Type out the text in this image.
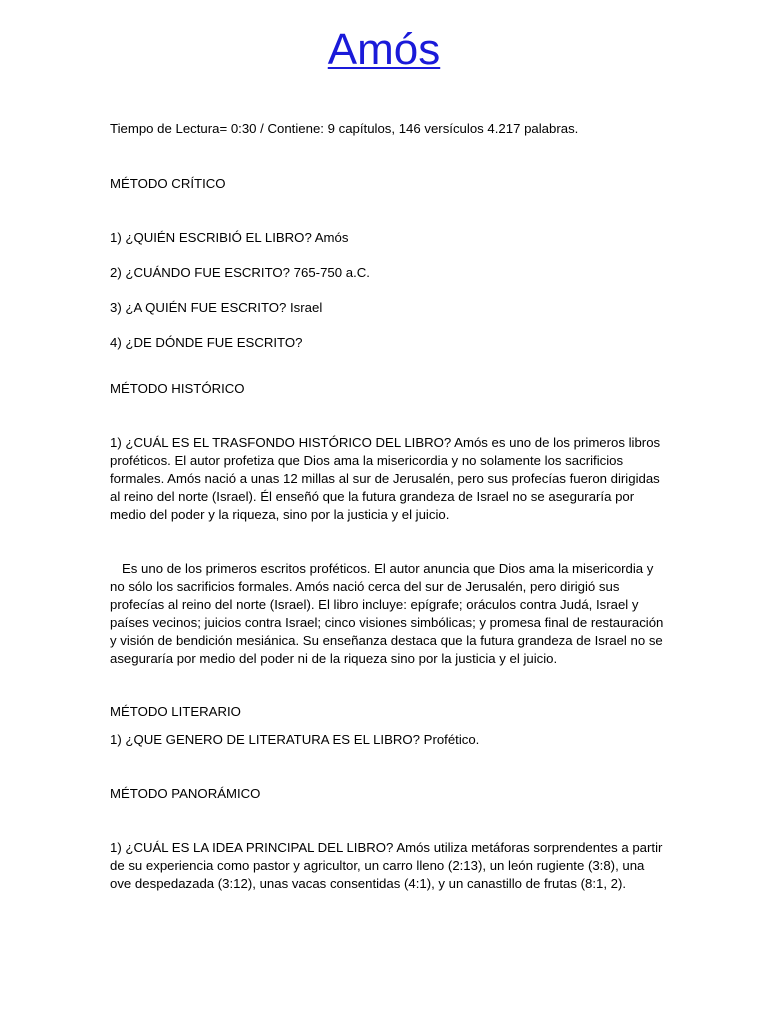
Amós

Tiempo de Lectura= 0:30 / Contiene: 9 capítulos, 146 versículos 4.217 palabras.

MÉTODO CRÍTICO

1) ¿QUIÉN ESCRIBIÓ EL LIBRO? Amós

2) ¿CUÁNDO FUE ESCRITO? 765-750 a.C.

3) ¿A QUIÉN FUE ESCRITO? Israel

4) ¿DE DÓNDE FUE ESCRITO?

MÉTODO HISTÓRICO

1) ¿CUÁL ES EL TRASFONDO HISTÓRICO DEL LIBRO? Amós es uno de los primeros libros proféticos. El autor profetiza que Dios ama la misericordia y no solamente los sacrificios formales. Amós nació a unas 12 millas al sur de Jerusalén, pero sus profecías fueron dirigidas al reino del norte (Israel). Él enseñó que la futura grandeza de Israel no se aseguraría por medio del poder y la riqueza, sino por la justicia y el juicio.

Es uno de los primeros escritos proféticos. El autor anuncia que Dios ama la misericordia y no sólo los sacrificios formales. Amós nació cerca del sur de Jerusalén, pero dirigió sus profecías al reino del norte (Israel). El libro incluye: epígrafe; oráculos contra Judá, Israel y países vecinos; juicios contra Israel; cinco visiones simbólicas; y promesa final de restauración y visión de bendición mesiánica. Su enseñanza destaca que la futura grandeza de Israel no se aseguraría por medio del poder ni de la riqueza sino por la justicia y el juicio.

MÉTODO LITERARIO

1) ¿QUE GENERO DE LITERATURA ES EL LIBRO? Profético.

MÉTODO PANORÁMICO

1) ¿CUÁL ES LA IDEA PRINCIPAL DEL LIBRO? Amós utiliza metáforas sorprendentes a partir de su experiencia como pastor y agricultor, un carro lleno (2:13), un león rugiente (3:8), una ove despedazada (3:12), unas vacas consentidas (4:1), y un canastillo de frutas (8:1, 2).
